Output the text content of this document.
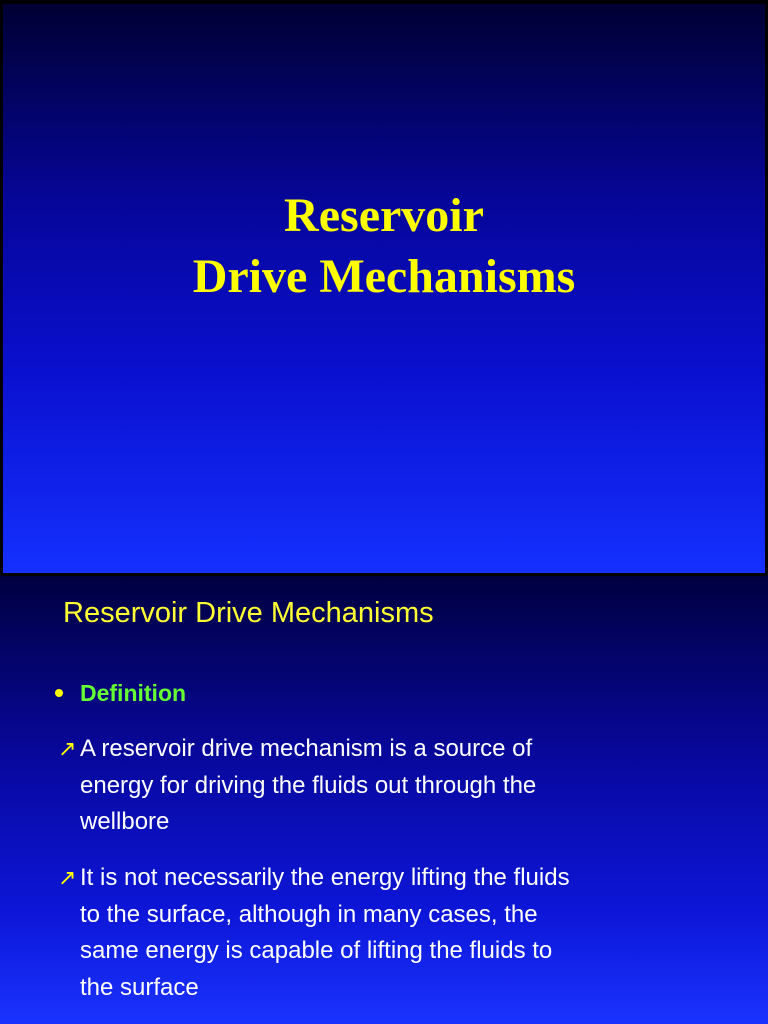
Reservoir
Drive Mechanisms
Reservoir Drive Mechanisms
Definition
↗ A reservoir drive mechanism is a source of
energy for driving the fluids out through the
wellbore
↗ It is not necessarily the energy lifting the fluids
to the surface, although in many cases, the
same energy is capable of lifting the fluids to
the surface
